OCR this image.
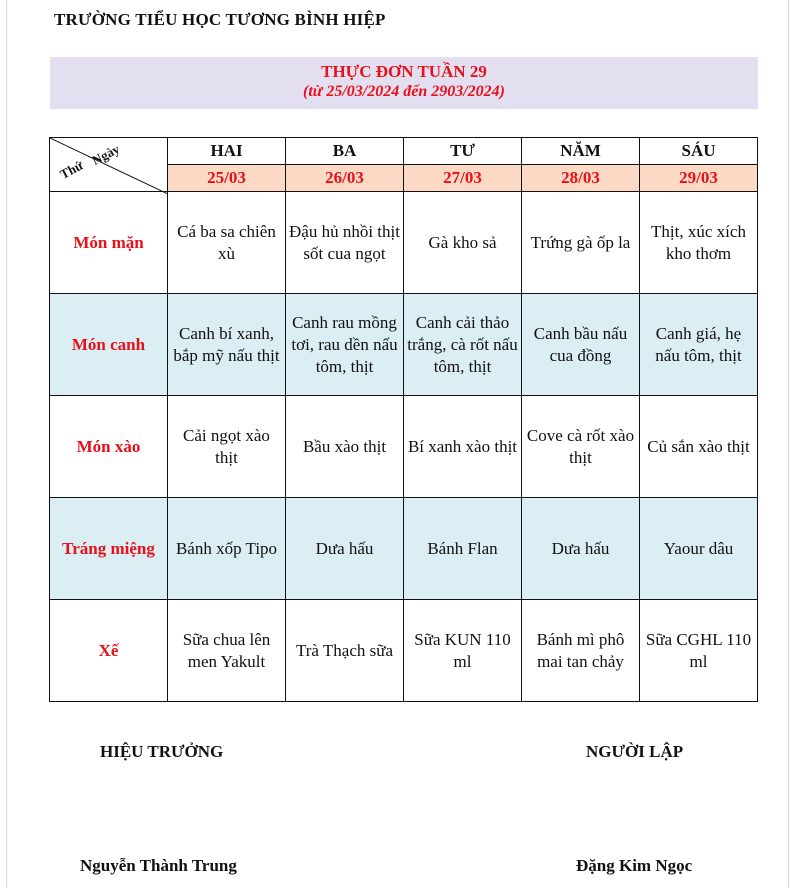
TRƯỜNG TIỂU HỌC TƯƠNG BÌNH HIỆP
THỰC ĐƠN TUẦN 29
(từ 25/03/2024 đến 2903/2024)
Ngày
Thứ	HAI	BA	TƯ	NĂM	SÁU
	25/03	26/03	27/03	28/03	29/03
Món mặn	Cá ba sa chiên xù	Đậu hủ nhồi thịt sốt cua ngọt	Gà kho sả	Trứng gà ốp la	Thịt, xúc xích kho thơm
Món canh	Canh bí xanh, bắp mỹ nấu thịt	Canh rau mồng tơi, rau dền nấu tôm, thịt	Canh cải thảo trắng, cà rốt nấu tôm, thịt	Canh bầu nấu cua đồng	Canh giá, hẹ nấu tôm, thịt
Món xào	Cải ngọt xào thịt	Bầu xào thịt	Bí xanh xào thịt	Cove cà rốt xào thịt	Củ sắn xào thịt
Tráng miệng	Bánh xốp Tipo	Dưa hấu	Bánh Flan	Dưa hấu	Yaour dâu
Xế	Sữa chua lên men Yakult	Trà Thạch sữa	Sữa KUN 110 ml	Bánh mì phô mai tan chảy	Sữa CGHL 110 ml
HIỆU TRƯỞNG	NGƯỜI LẬP
Nguyễn Thành Trung	Đặng Kim Ngọc
